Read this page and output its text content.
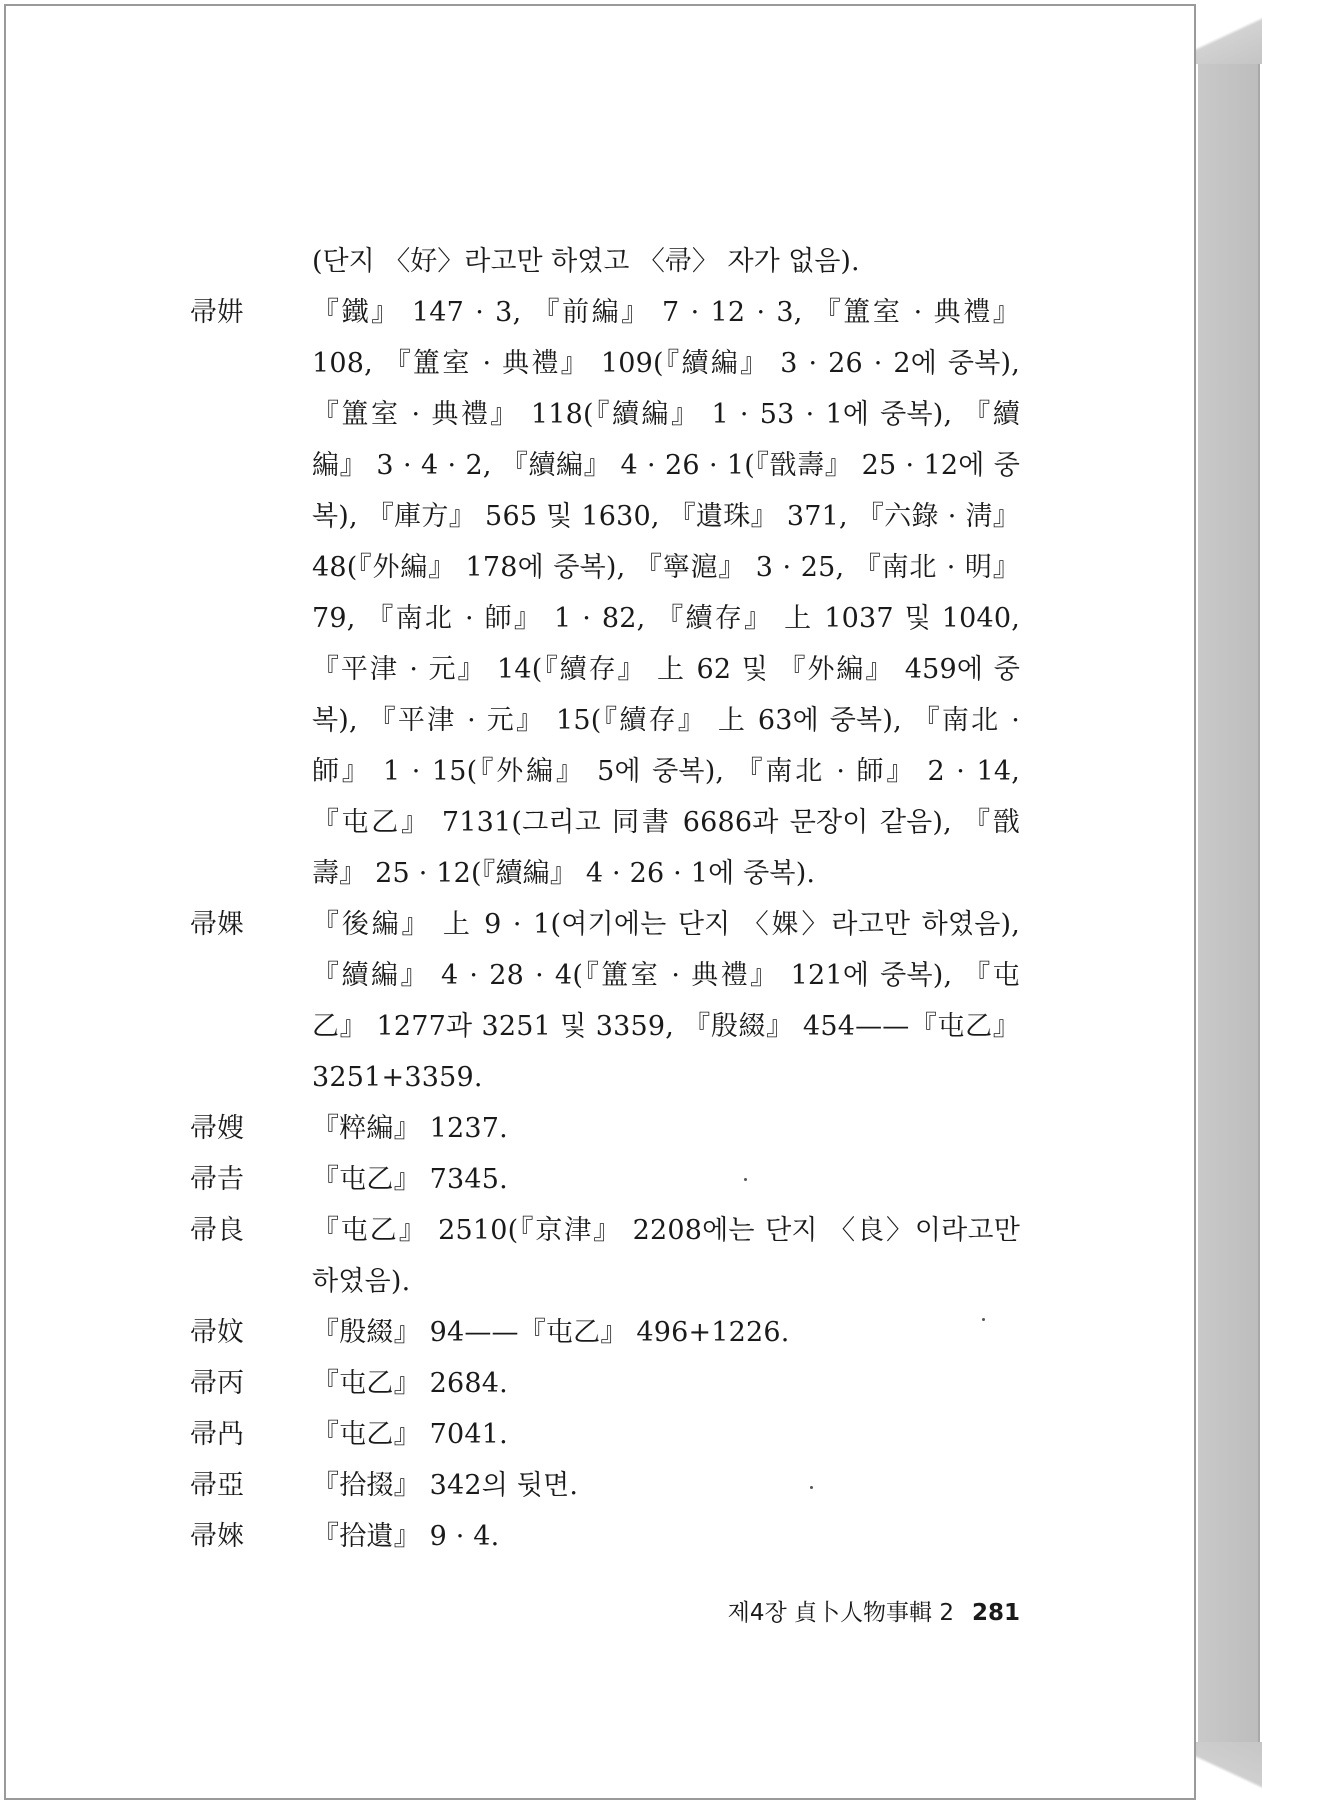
(단지 〈好〉라고만 하였고 〈帚〉 자가 없음).
帚妌	『鐵』 147 · 3, 『前編』 7 · 12 · 3, 『簠室 · 典禮』 108, 『簠室 · 典禮』 109(『續編』 3 · 26 · 2에 중복), 『簠室 · 典禮』 118(『續編』 1 · 53 · 1에 중복), 『續編』 3 · 4 · 2, 『續編』 4 · 26 · 1(『戩壽』 25 · 12에 중복), 『庫方』 565 및 1630, 『遺珠』 371, 『六錄 · 淸』 48(『外編』 178에 중복), 『寧滬』 3 · 25, 『南北 · 明』 79, 『南北 · 師』 1 · 82, 『續存』 上 1037 및 1040, 『平津 · 元』 14(『續存』 上 62 및 『外編』 459에 중복), 『平津 · 元』 15(『續存』 上 63에 중복), 『南北 · 師』 1 · 15(『外編』 5에 중복), 『南北 · 師』 2 · 14, 『屯乙』 7131(그리고 同書 6686과 문장이 같음), 『戩壽』 25 · 12(『續編』 4 · 26 · 1에 중복).
帚婐	『後編』 上 9 · 1(여기에는 단지 〈婐〉라고만 하였음), 『續編』 4 · 28 · 4(『簠室 · 典禮』 121에 중복), 『屯乙』 1277과 3251 및 3359, 『殷綴』 454——『屯乙』 3251+3359.
帚嫂	『粹編』 1237.
帚𠮷	『屯乙』 7345.
帚良	『屯乙』 2510(『京津』 2208에는 단지 〈良〉이라고만 하였음).
帚妏	『殷綴』 94——『屯乙』 496+1226.
帚丙	『屯乙』 2684.
帚冎	『屯乙』 7041.
帚亞	『拾掇』 342의 뒷면.
帚婡	『拾遺』 9 · 4.
제4장 貞卜人物事輯 2 281
